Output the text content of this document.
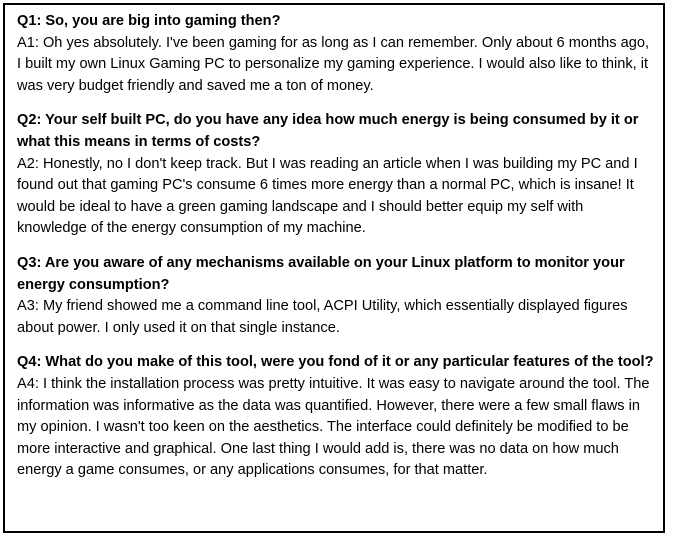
Q1: So, you are big into gaming then?

A1: Oh yes absolutely. I've been gaming for as long as I can remember. Only about 6 months ago, I built my own Linux Gaming PC to personalize my gaming experience. I would also like to think, it was very budget friendly and saved me a ton of money.

Q2: Your self built PC, do you have any idea how much energy is being consumed by it or what this means in terms of costs?

A2: Honestly, no I don't keep track. But I was reading an article when I was building my PC and I found out that gaming PC's consume 6 times more energy than a normal PC, which is insane! It would be ideal to have a green gaming landscape and I should better equip my self with knowledge of the energy consumption of my machine.

Q3: Are you aware of any mechanisms available on your Linux platform to monitor your energy consumption?

A3: My friend showed me a command line tool, ACPI Utility, which essentially displayed figures about power. I only used it on that single instance.

Q4: What do you make of this tool, were you fond of it or any particular features of the tool?

A4: I think the installation process was pretty intuitive. It was easy to navigate around the tool. The information was informative as the data was quantified. However, there were a few small flaws in my opinion. I wasn't too keen on the aesthetics. The interface could definitely be modified to be more interactive and graphical. One last thing I would add is, there was no data on how much energy a game consumes, or any applications consumes, for that matter.
